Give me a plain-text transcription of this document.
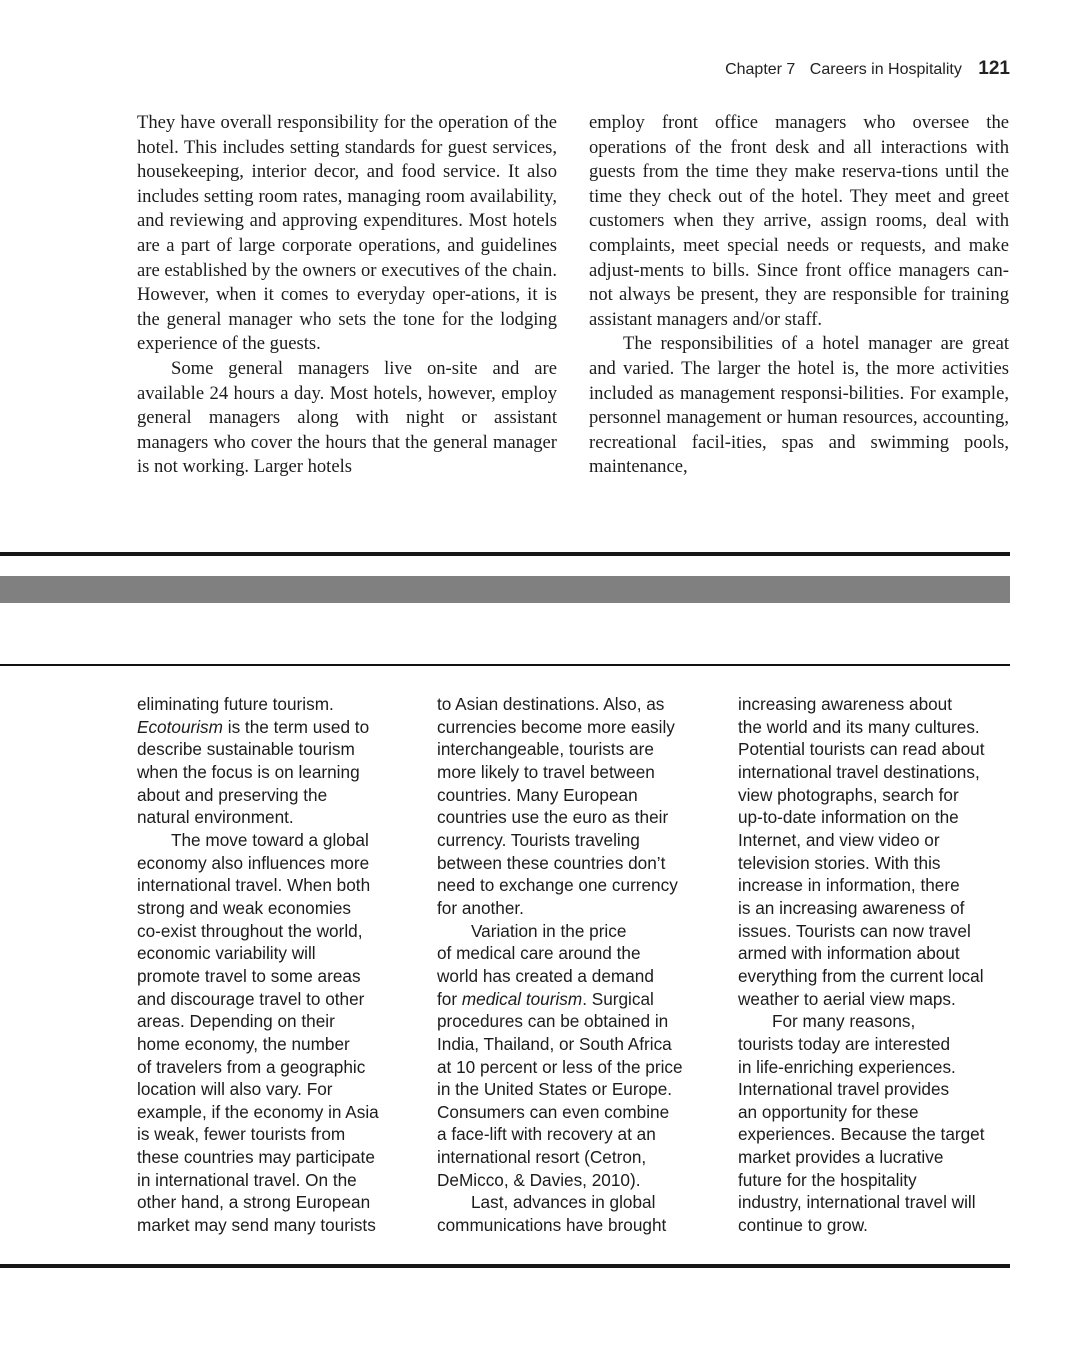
Chapter 7 Careers in Hospitality 121

They have overall responsibility for the operation of the hotel. This includes setting standards for guest services, housekeeping, interior decor, and food service. It also includes setting room rates, managing room availability, and reviewing and approving expenditures. Most hotels are a part of large corporate operations, and guidelines are established by the owners or executives of the chain. However, when it comes to everyday oper-ations, it is the general manager who sets the tone for the lodging experience of the guests.

Some general managers live on-site and are available 24 hours a day. Most hotels, however, employ general managers along with night or assistant managers who cover the hours that the general manager is not working. Larger hotels

employ front office managers who oversee the operations of the front desk and all interactions with guests from the time they make reserva-tions until the time they check out of the hotel. They meet and greet customers when they arrive, assign rooms, deal with complaints, meet special needs or requests, and make adjust-ments to bills. Since front office managers can-not always be present, they are responsible for training assistant managers and/or staff.

The responsibilities of a hotel manager are great and varied. The larger the hotel is, the more activities included as management responsi-bilities. For example, personnel management or human resources, accounting, recreational facil-ities, spas and swimming pools, maintenance,

eliminating future tourism.
Ecotourism is the term used to
describe sustainable tourism
when the focus is on learning
about and preserving the
natural environment.
The move toward a global
economy also influences more
international travel. When both
strong and weak economies
co-exist throughout the world,
economic variability will
promote travel to some areas
and discourage travel to other
areas. Depending on their
home economy, the number
of travelers from a geographic
location will also vary. For
example, if the economy in Asia
is weak, fewer tourists from
these countries may participate
in international travel. On the
other hand, a strong European
market may send many tourists
to Asian destinations. Also, as
currencies become more easily
interchangeable, tourists are
more likely to travel between
countries. Many European
countries use the euro as their
currency. Tourists traveling
between these countries don’t
need to exchange one currency
for another.
Variation in the price
of medical care around the
world has created a demand
for medical tourism. Surgical
procedures can be obtained in
India, Thailand, or South Africa
at 10 percent or less of the price
in the United States or Europe.
Consumers can even combine
a face-lift with recovery at an
international resort (Cetron,
DeMicco, & Davies, 2010).
Last, advances in global
communications have brought
increasing awareness about
the world and its many cultures.
Potential tourists can read about
international travel destinations,
view photographs, search for
up-to-date information on the
Internet, and view video or
television stories. With this
increase in information, there
is an increasing awareness of
issues. Tourists can now travel
armed with information about
everything from the current local
weather to aerial view maps.
For many reasons,
tourists today are interested
in life-enriching experiences.
International travel provides
an opportunity for these
experiences. Because the target
market provides a lucrative
future for the hospitality
industry, international travel will
continue to grow.
